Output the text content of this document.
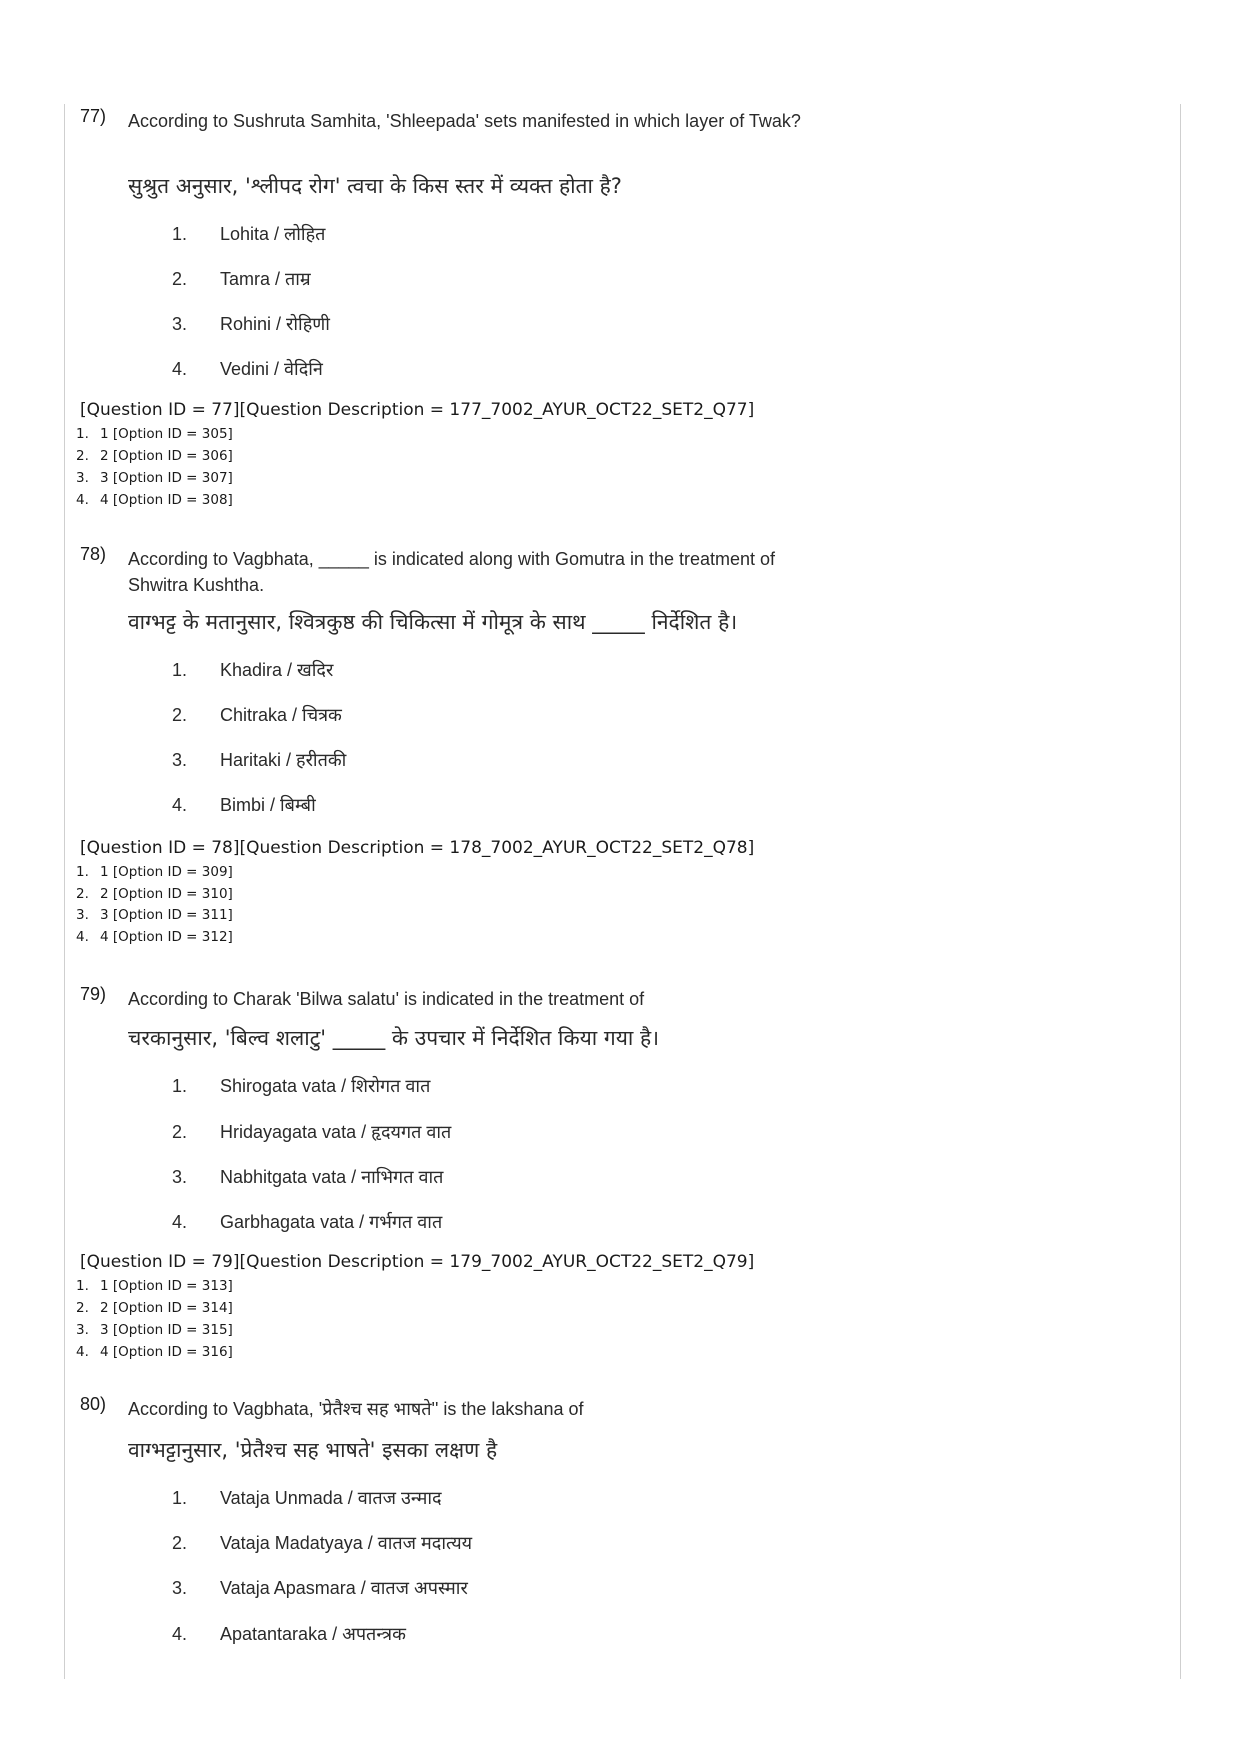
77) According to Sushruta Samhita, 'Shleepada' sets manifested in which layer of Twak?
सुश्रुत अनुसार, 'श्लीपद रोग' त्वचा के किस स्तर में व्यक्त होता है?
1. Lohita / लोहित
2. Tamra / ताम्र
3. Rohini / रोहिणी
4. Vedini / वेदिनि
[Question ID = 77][Question Description = 177_7002_AYUR_OCT22_SET2_Q77]
1. 1 [Option ID = 305]
2. 2 [Option ID = 306]
3. 3 [Option ID = 307]
4. 4 [Option ID = 308]
78) According to Vagbhata, _____ is indicated along with Gomutra in the treatment of Shwitra Kushtha.
वाग्भट्ट के मतानुसार, श्वित्रकुष्ठ की चिकित्सा में गोमूत्र के साथ _____ निर्देशित है।
1. Khadira / खदिर
2. Chitraka / चित्रक
3. Haritaki / हरीतकी
4. Bimbi / बिम्बी
[Question ID = 78][Question Description = 178_7002_AYUR_OCT22_SET2_Q78]
1. 1 [Option ID = 309]
2. 2 [Option ID = 310]
3. 3 [Option ID = 311]
4. 4 [Option ID = 312]
79) According to Charak 'Bilwa salatu' is indicated in the treatment of
चरकानुसार, 'बिल्व शलाटु' _____ के उपचार में निर्देशित किया गया है।
1. Shirogata vata / शिरोगत वात
2. Hridayagata vata / हृदयगत वात
3. Nabhitgata vata / नाभिगत वात
4. Garbhagata vata / गर्भगत वात
[Question ID = 79][Question Description = 179_7002_AYUR_OCT22_SET2_Q79]
1. 1 [Option ID = 313]
2. 2 [Option ID = 314]
3. 3 [Option ID = 315]
4. 4 [Option ID = 316]
80) According to Vagbhata, 'प्रेतैश्च सह भाषते'' is the lakshana of
वाग्भट्टानुसार, 'प्रेतैश्च सह भाषते' इसका लक्षण है
1. Vataja Unmada / वातज उन्माद
2. Vataja Madatyaya / वातज मदात्यय
3. Vataja Apasmara / वातज अपस्मार
4. Apatantaraka / अपतन्त्रक
